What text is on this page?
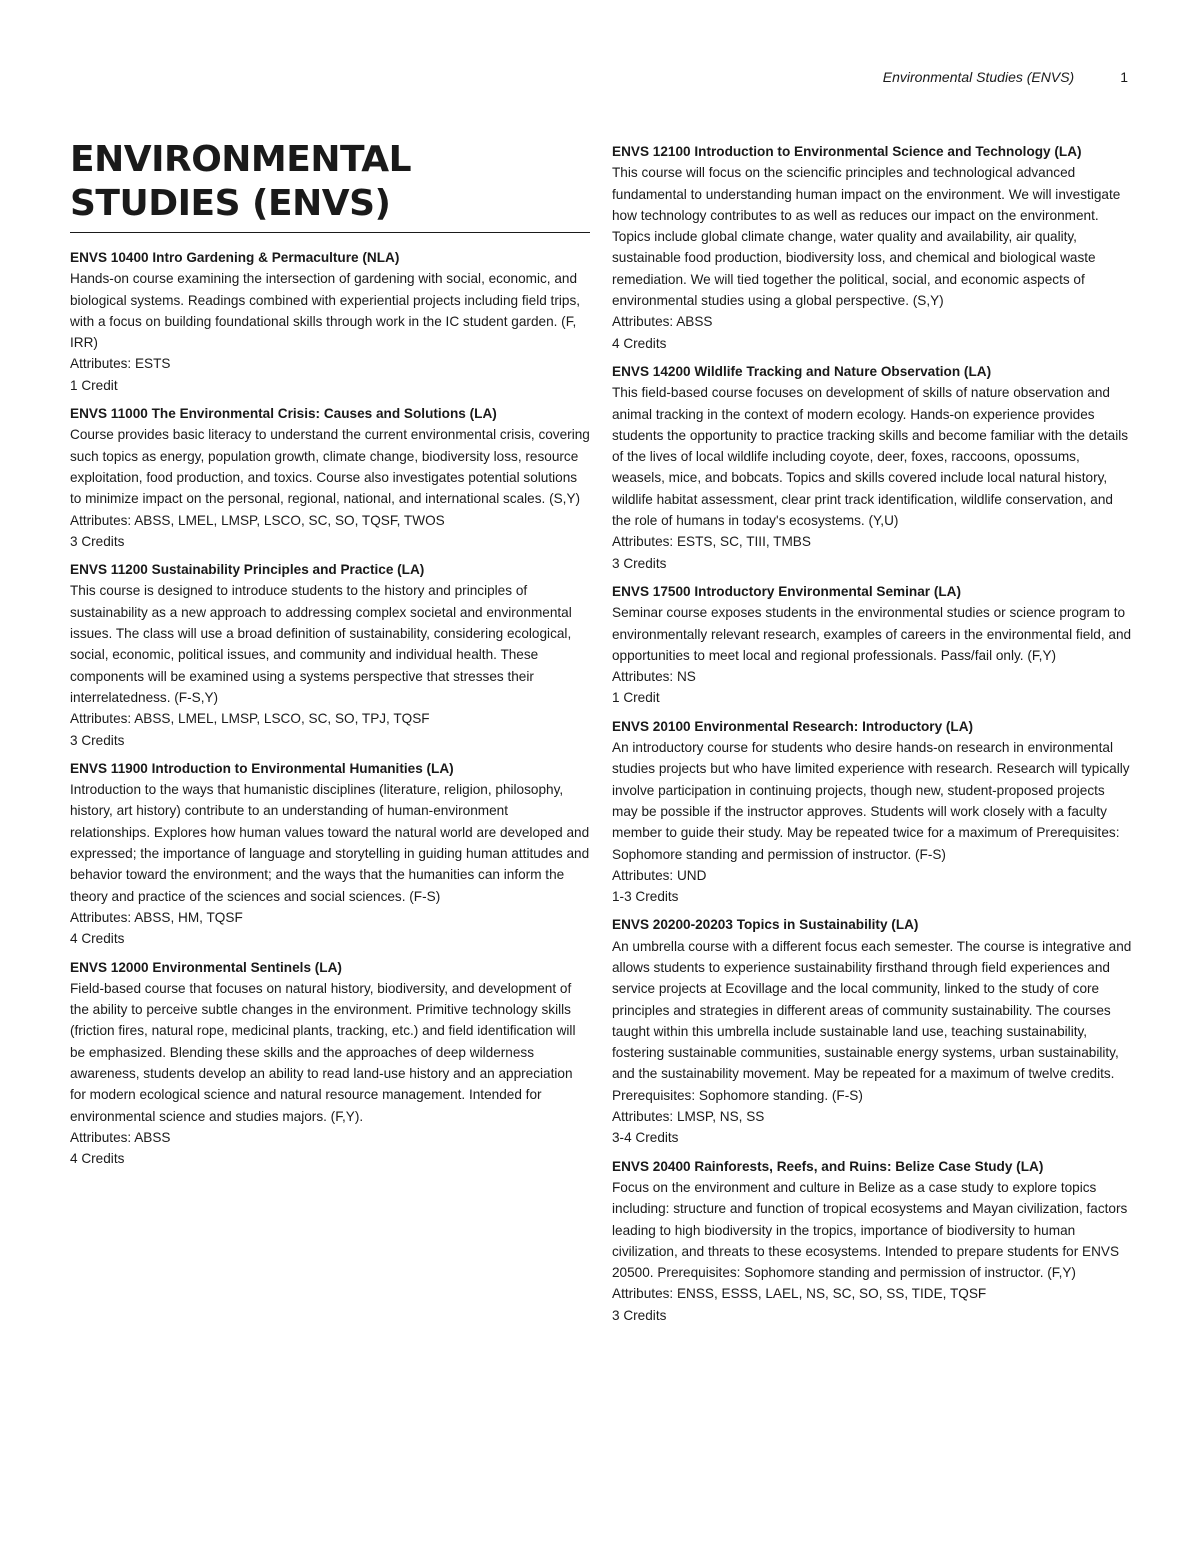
Environmental Studies (ENVS)	1
ENVIRONMENTAL STUDIES (ENVS)
ENVS 10400 Intro Gardening & Permaculture (NLA)
Hands-on course examining the intersection of gardening with social, economic, and biological systems. Readings combined with experiential projects including field trips, with a focus on building foundational skills through work in the IC student garden. (F, IRR)
Attributes: ESTS
1 Credit
ENVS 11000 The Environmental Crisis: Causes and Solutions (LA)
Course provides basic literacy to understand the current environmental crisis, covering such topics as energy, population growth, climate change, biodiversity loss, resource exploitation, food production, and toxics. Course also investigates potential solutions to minimize impact on the personal, regional, national, and international scales. (S,Y)
Attributes: ABSS, LMEL, LMSP, LSCO, SC, SO, TQSF, TWOS
3 Credits
ENVS 11200 Sustainability Principles and Practice (LA)
This course is designed to introduce students to the history and principles of sustainability as a new approach to addressing complex societal and environmental issues. The class will use a broad definition of sustainability, considering ecological, social, economic, political issues, and community and individual health. These components will be examined using a systems perspective that stresses their interrelatedness. (F-S,Y)
Attributes: ABSS, LMEL, LMSP, LSCO, SC, SO, TPJ, TQSF
3 Credits
ENVS 11900 Introduction to Environmental Humanities (LA)
Introduction to the ways that humanistic disciplines (literature, religion, philosophy, history, art history) contribute to an understanding of human-environment relationships. Explores how human values toward the natural world are developed and expressed; the importance of language and storytelling in guiding human attitudes and behavior toward the environment; and the ways that the humanities can inform the theory and practice of the sciences and social sciences. (F-S)
Attributes: ABSS, HM, TQSF
4 Credits
ENVS 12000 Environmental Sentinels (LA)
Field-based course that focuses on natural history, biodiversity, and development of the ability to perceive subtle changes in the environment. Primitive technology skills (friction fires, natural rope, medicinal plants, tracking, etc.) and field identification will be emphasized. Blending these skills and the approaches of deep wilderness awareness, students develop an ability to read land-use history and an appreciation for modern ecological science and natural resource management. Intended for environmental science and studies majors. (F,Y).
Attributes: ABSS
4 Credits
ENVS 12100 Introduction to Environmental Science and Technology (LA)
This course will focus on the sciencific principles and technological advanced fundamental to understanding human impact on the environment. We will investigate how technology contributes to as well as reduces our impact on the environment. Topics include global climate change, water quality and availability, air quality, sustainable food production, biodiversity loss, and chemical and biological waste remediation. We will tied together the political, social, and economic aspects of environmental studies using a global perspective. (S,Y)
Attributes: ABSS
4 Credits
ENVS 14200 Wildlife Tracking and Nature Observation (LA)
This field-based course focuses on development of skills of nature observation and animal tracking in the context of modern ecology. Hands-on experience provides students the opportunity to practice tracking skills and become familiar with the details of the lives of local wildlife including coyote, deer, foxes, raccoons, opossums, weasels, mice, and bobcats. Topics and skills covered include local natural history, wildlife habitat assessment, clear print track identification, wildlife conservation, and the role of humans in today's ecosystems. (Y,U)
Attributes: ESTS, SC, TIII, TMBS
3 Credits
ENVS 17500 Introductory Environmental Seminar (LA)
Seminar course exposes students in the environmental studies or science program to environmentally relevant research, examples of careers in the environmental field, and opportunities to meet local and regional professionals. Pass/fail only. (F,Y)
Attributes: NS
1 Credit
ENVS 20100 Environmental Research: Introductory (LA)
An introductory course for students who desire hands-on research in environmental studies projects but who have limited experience with research. Research will typically involve participation in continuing projects, though new, student-proposed projects may be possible if the instructor approves. Students will work closely with a faculty member to guide their study. May be repeated twice for a maximum of Prerequisites: Sophomore standing and permission of instructor. (F-S)
Attributes: UND
1-3 Credits
ENVS 20200-20203 Topics in Sustainability (LA)
An umbrella course with a different focus each semester. The course is integrative and allows students to experience sustainability firsthand through field experiences and service projects at Ecovillage and the local community, linked to the study of core principles and strategies in different areas of community sustainability. The courses taught within this umbrella include sustainable land use, teaching sustainability, fostering sustainable communities, sustainable energy systems, urban sustainability, and the sustainability movement. May be repeated for a maximum of twelve credits. Prerequisites: Sophomore standing. (F-S)
Attributes: LMSP, NS, SS
3-4 Credits
ENVS 20400 Rainforests, Reefs, and Ruins: Belize Case Study (LA)
Focus on the environment and culture in Belize as a case study to explore topics including: structure and function of tropical ecosystems and Mayan civilization, factors leading to high biodiversity in the tropics, importance of biodiversity to human civilization, and threats to these ecosystems. Intended to prepare students for ENVS 20500. Prerequisites: Sophomore standing and permission of instructor. (F,Y)
Attributes: ENSS, ESSS, LAEL, NS, SC, SO, SS, TIDE, TQSF
3 Credits
